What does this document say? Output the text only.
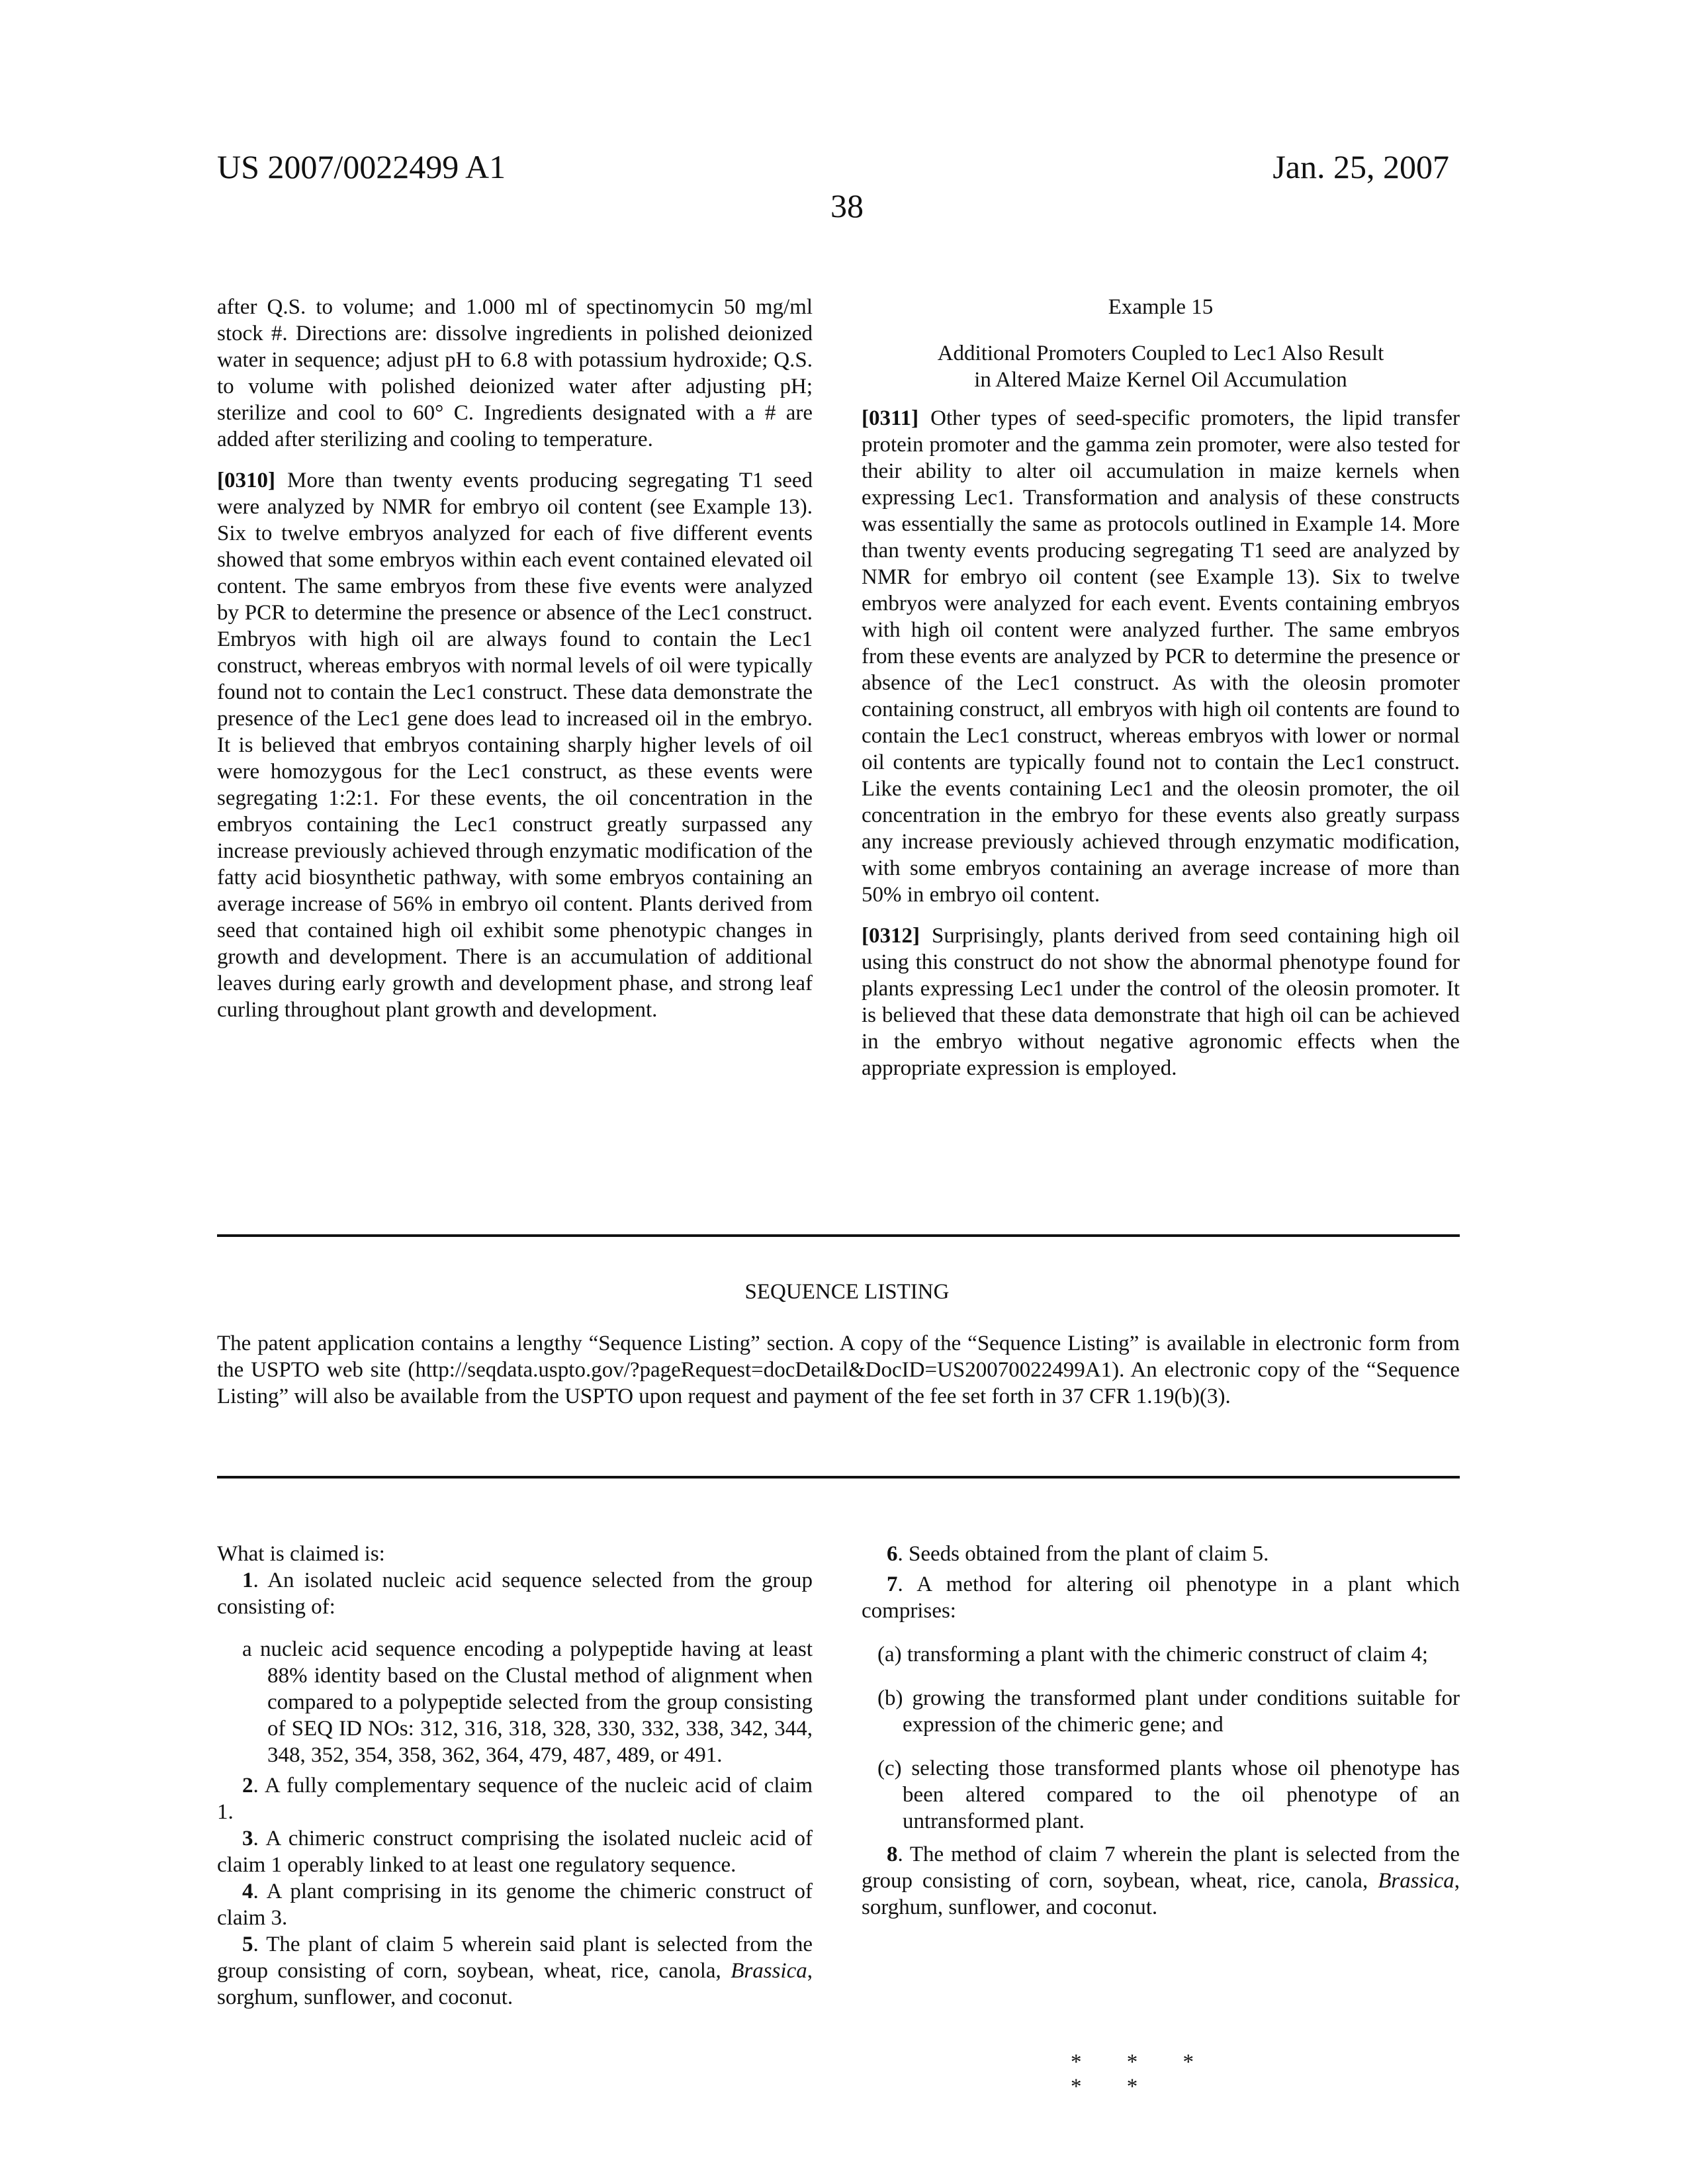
US 2007/0022499 A1	Jan. 25, 2007
38

after Q.S. to volume; and 1.000 ml of spectinomycin 50 mg/ml stock #. Directions are: dissolve ingredients in polished deionized water in sequence; adjust pH to 6.8 with potassium hydroxide; Q.S. to volume with polished deionized water after adjusting pH; sterilize and cool to 60° C. Ingredients designated with a # are added after sterilizing and cooling to temperature.

[0310] More than twenty events producing segregating T1 seed were analyzed by NMR for embryo oil content (see Example 13). Six to twelve embryos analyzed for each of five different events showed that some embryos within each event contained elevated oil content. The same embryos from these five events were analyzed by PCR to determine the presence or absence of the Lec1 construct. Embryos with high oil are always found to contain the Lec1 construct, whereas embryos with normal levels of oil were typically found not to contain the Lec1 construct. These data demonstrate the presence of the Lec1 gene does lead to increased oil in the embryo. It is believed that embryos containing sharply higher levels of oil were homozygous for the Lec1 construct, as these events were segregating 1:2:1. For these events, the oil concentration in the embryos containing the Lec1 construct greatly surpassed any increase previously achieved through enzymatic modification of the fatty acid biosynthetic pathway, with some embryos containing an average increase of 56% in embryo oil content. Plants derived from seed that contained high oil exhibit some phenotypic changes in growth and development. There is an accumulation of additional leaves during early growth and development phase, and strong leaf curling throughout plant growth and development.

Example 15

Additional Promoters Coupled to Lec1 Also Result

in Altered Maize Kernel Oil Accumulation

[0311] Other types of seed-specific promoters, the lipid transfer protein promoter and the gamma zein promoter, were also tested for their ability to alter oil accumulation in maize kernels when expressing Lec1. Transformation and analysis of these constructs was essentially the same as protocols outlined in Example 14. More than twenty events producing segregating T1 seed are analyzed by NMR for embryo oil content (see Example 13). Six to twelve embryos were analyzed for each event. Events containing embryos with high oil content were analyzed further. The same embryos from these events are analyzed by PCR to determine the presence or absence of the Lec1 construct. As with the oleosin promoter containing construct, all embryos with high oil contents are found to contain the Lec1 construct, whereas embryos with lower or normal oil contents are typically found not to contain the Lec1 construct. Like the events containing Lec1 and the oleosin promoter, the oil concentration in the embryo for these events also greatly surpass any increase previously achieved through enzymatic modification, with some embryos containing an average increase of more than 50% in embryo oil content.

[0312] Surprisingly, plants derived from seed containing high oil using this construct do not show the abnormal phenotype found for plants expressing Lec1 under the control of the oleosin promoter. It is believed that these data demonstrate that high oil can be achieved in the embryo without negative agronomic effects when the appropriate expression is employed.

SEQUENCE LISTING
The patent application contains a lengthy “Sequence Listing” section. A copy of the “Sequence Listing” is available in electronic form from the USPTO web site (http://seqdata.uspto.gov/?pageRequest=docDetail&DocID=US20070022499A1). An electronic copy of the “Sequence Listing” will also be available from the USPTO upon request and payment of the fee set forth in 37 CFR 1.19(b)(3).

What is claimed is:

1. An isolated nucleic acid sequence selected from the group consisting of:

a nucleic acid sequence encoding a polypeptide having at least 88% identity based on the Clustal method of alignment when compared to a polypeptide selected from the group consisting of SEQ ID NOs: 312, 316, 318, 328, 330, 332, 338, 342, 344, 348, 352, 354, 358, 362, 364, 479, 487, 489, or 491.

2. A fully complementary sequence of the nucleic acid of claim 1.

3. A chimeric construct comprising the isolated nucleic acid of claim 1 operably linked to at least one regulatory sequence.

4. A plant comprising in its genome the chimeric construct of claim 3.

5. The plant of claim 5 wherein said plant is selected from the group consisting of corn, soybean, wheat, rice, canola, Brassica, sorghum, sunflower, and coconut.

6. Seeds obtained from the plant of claim 5.

7. A method for altering oil phenotype in a plant which comprises:

(a) transforming a plant with the chimeric construct of claim 4;

(b) growing the transformed plant under conditions suitable for expression of the chimeric gene; and

(c) selecting those transformed plants whose oil phenotype has been altered compared to the oil phenotype of an untransformed plant.

8. The method of claim 7 wherein the plant is selected from the group consisting of corn, soybean, wheat, rice, canola, Brassica, sorghum, sunflower, and coconut.

* * * * *
